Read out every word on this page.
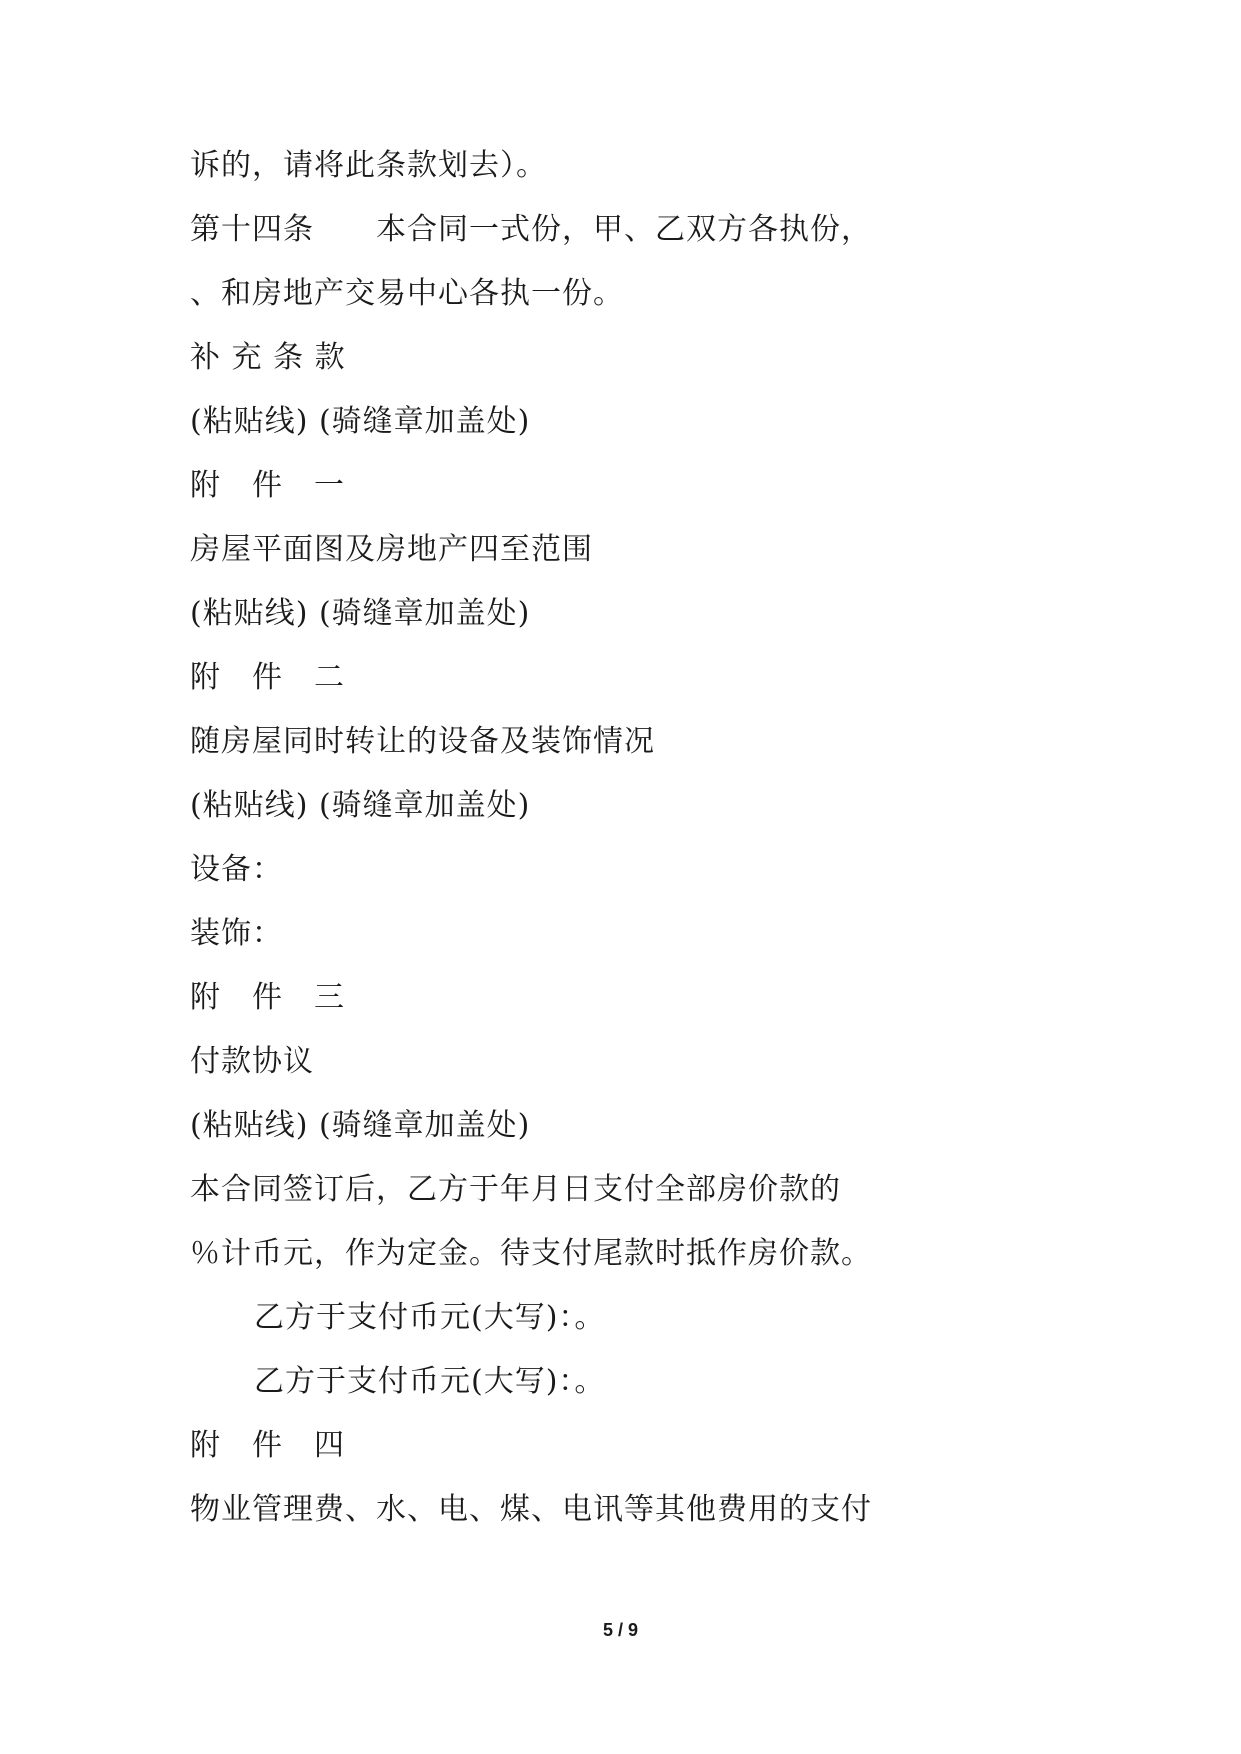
诉的，请将此条款划去）。
第十四条　　本合同一式份，甲、乙双方各执份，
、和房地产交易中心各执一份。
补 充 条 款
(粘贴线) (骑缝章加盖处)
附　件　一
房屋平面图及房地产四至范围
(粘贴线) (骑缝章加盖处)
附　件　二
随房屋同时转让的设备及装饰情况
(粘贴线) (骑缝章加盖处)
设备：
装饰：
附　件　三
付款协议
(粘贴线) (骑缝章加盖处)
本合同签订后，乙方于年月日支付全部房价款的
％计币元，作为定金。待支付尾款时抵作房价款。
乙方于支付币元(大写)：。
乙方于支付币元(大写)：。
附　件　四
物业管理费、水、电、煤、电讯等其他费用的支付
5 / 9
